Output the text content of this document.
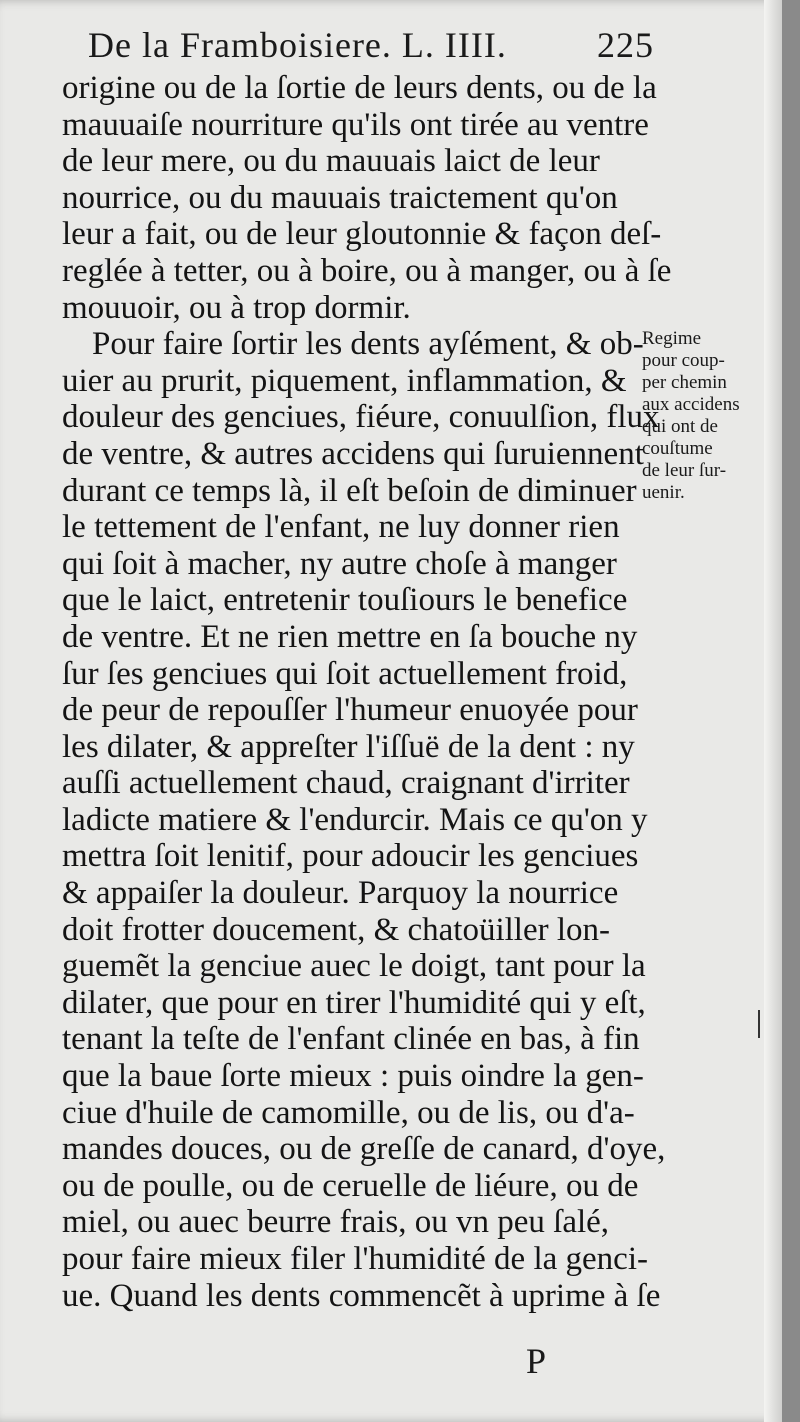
De la Framboisiere. L. IIII.	225
origine ou de la ſortie de leurs dents, ou de la
mauuaiſe nourriture qu'ils ont tirée au ventre
de leur mere, ou du mauuais laict de leur
nourrice, ou du mauuais traictement qu'on
leur a fait, ou de leur gloutonnie & façon deſ-
reglée à tetter, ou à boire, ou à manger, ou à ſe
mouuoir, ou à trop dormir.
Pour faire ſortir les dents ayſément, & ob-
uier au prurit, piquement, inflammation, &
douleur des genciues, fiéure, conuulſion, flux
de ventre, & autres accidens qui ſuruiennent
durant ce temps là, il eſt beſoin de diminuer
le tettement de l'enfant, ne luy donner rien
qui ſoit à macher, ny autre choſe à manger
que le laict, entretenir touſiours le benefice
de ventre. Et ne rien mettre en ſa bouche ny
ſur ſes genciues qui ſoit actuellement froid,
de peur de repouſſer l'humeur enuoyée pour
les dilater, & appreſter l'iſſuë de la dent : ny
auſſi actuellement chaud, craignant d'irriter
ladicte matiere & l'endurcir. Mais ce qu'on y
mettra ſoit lenitif, pour adoucir les genciues
& appaiſer la douleur. Parquoy la nourrice
doit frotter doucement, & chatoüiller lon-
guemẽt la genciue auec le doigt, tant pour la
dilater, que pour en tirer l'humidité qui y eſt,
tenant la teſte de l'enfant clinée en bas, à fin
que la baue ſorte mieux : puis oindre la gen-
ciue d'huile de camomille, ou de lis, ou d'a-
mandes douces, ou de greſſe de canard, d'oye,
ou de poulle, ou de ceruelle de liéure, ou de
miel, ou auec beurre frais, ou vn peu ſalé,
pour faire mieux filer l'humidité de la genci-
ue. Quand les dents commencẽt à uprime à ſe
Regime
pour coup-
per chemin
aux accidens
qui ont de
couſtume
de leur ſur-
uenir.
P
